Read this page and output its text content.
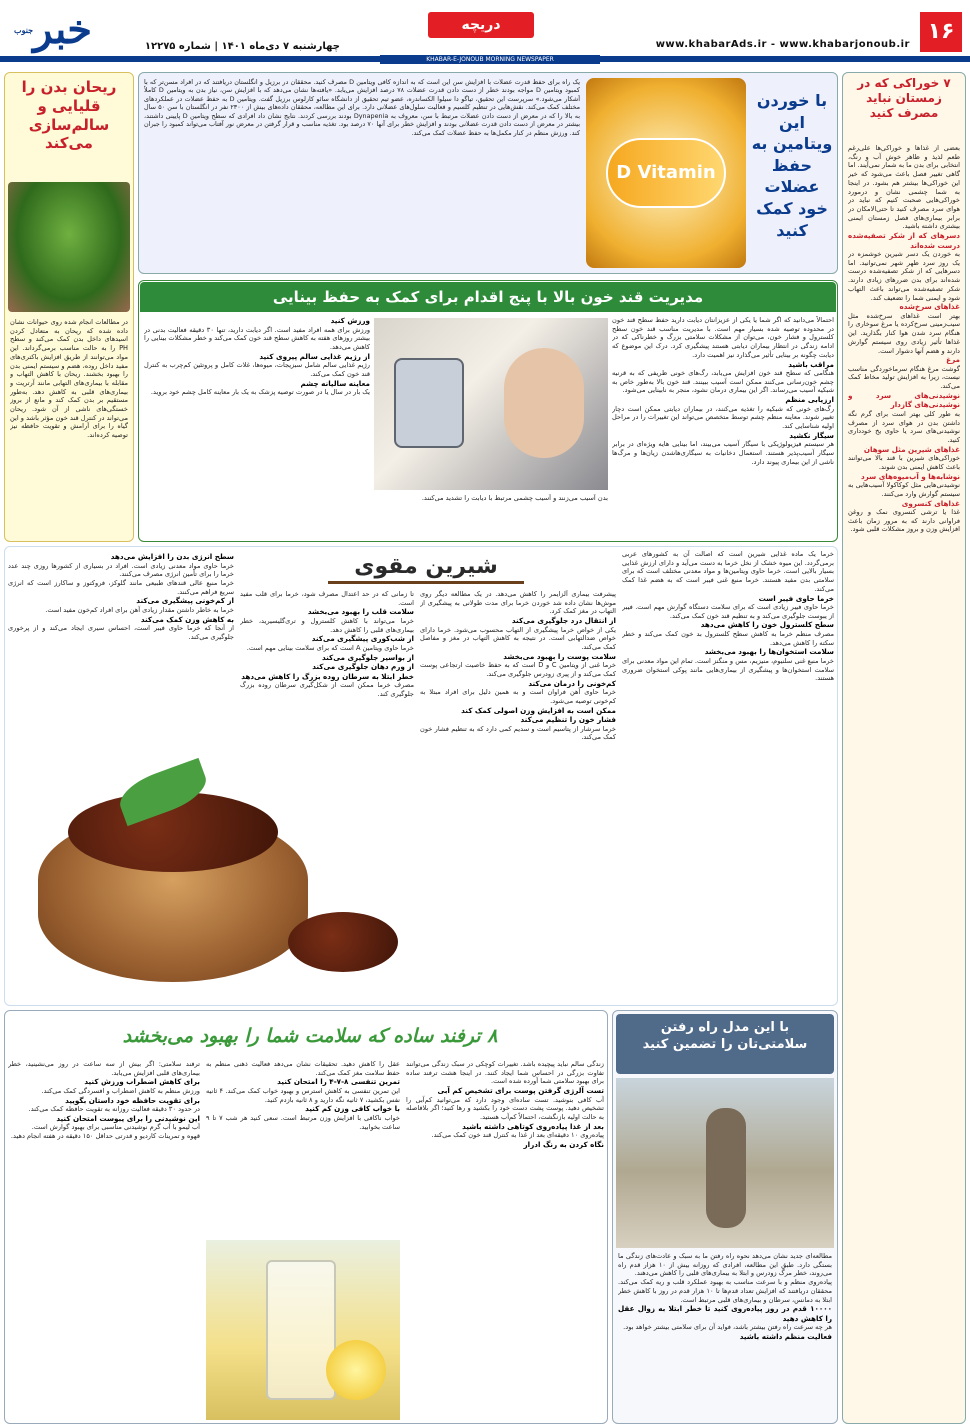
خبر$^{جنوب}$	دریچه
چهارشنبه ۷ دی‌ماه ۱۴۰۱ | شماره ۱۲۲۷۵	www.khabarAds.ir - www.khabarjonoub.ir
۱۶
KHABAR-E-JONOUB MORNING NEWSPAPER
۷ خوراکی که در زمستان نباید مصرف کنید

بعضی از غذاها و خوراکی‌ها علی‌رغم طعم لذیذ و ظاهر خوش آب و رنگ، انتخابی برای بدن ما به شمار نمی‌آیند. اما گاهی تغییر فصل باعث می‌شود که خیر این خوراکی‌ها بیشتر هم بشود. در اینجا به شما چشمی نشان و درمورد خوراکی‌هایی صحبت کنیم که نباید در هوای سرد مصرف کنید تا حتی‌الامکان در برابر بیماری‌های فصل زمستان ایمنی بیشتری داشته باشید.

دسرهای که از شکر تصفیه‌شده درست شده‌اند

به خوردن یک دسر شیرین خوشمزه در یک روز سرد ظهر شهر نمی‌توانید. اما دسرهایی که از شکر تصفیه‌شده درست شده‌اند برای بدن ضررهای زیادی دارند. شکر تصفیه‌شده می‌تواند باعث التهاب شود و ایمنی شما را تضعیف کند.

غذاهای سرخ‌شده

بهتر است غذاهای سرخ‌شده مثل سیب‌زمینی سرخ‌کرده یا مرغ سوخاری را هنگام سرد شدن هوا کنار بگذارید. این غذاها تأثیر زیادی روی سیستم گوارش دارند و هضم آنها دشوار است.

مرغ

گوشت مرغ هنگام سرماخوردگی مناسب نیست، زیرا به افزایش تولید مخاط کمک می‌کند.

نوشیدنی‌های سرد و نوشیدنی‌های گازدار

به طور کلی بهتر است برای گرم نگه داشتن بدن در هوای سرد از مصرف نوشیدنی‌های سرد یا حاوی یخ خودداری کنید.

غذاهای شیرین مثل سوهان

خوراکی‌های شیرین با قند بالا می‌توانند باعث کاهش ایمنی بدن شوند.

نوشابه‌ها و آب‌میوه‌های سرد

نوشیدنی‌هایی مثل کوکاکولا آسیب‌هایی به سیستم گوارش وارد می‌کنند.

غذاهای کنسروی

غذا یا ترشی کنسروی نمک و روغن فراوانی دارند که به مرور زمان باعث افزایش وزن و بروز مشکلات قلبی شود.

D Vitamin
با خوردن این ویتامین به حفظ عضلات خود کمک کنید
یک راه برای حفظ قدرت عضلات با افزایش سن این است که به اندازه کافی ویتامین D مصرف کنید. محققان در برزیل و انگلستان دریافتند که در افراد مسن‌تر که با کمبود ویتامین D مواجه بودند خطر از دست دادن قدرت عضلات ۷۸ درصد افزایش می‌یابد. «یافته‌ها نشان می‌دهد که با افزایش سن، نیاز بدن به ویتامین D کاملاً آشکار می‌شود.» سرپرست این تحقیق، تیاگو دا سیلوا الکساندره، عضو تیم تحقیق از دانشگاه سائو کارلوس برزیل گفت. ویتامین D به حفظ عضلات در عملکردهای مختلف کمک می‌کند. نقش‌هایی در تنظیم کلسیم و فعالیت سلول‌های عضلانی دارد. برای این مطالعه، محققان داده‌های بیش از ۲۳۰۰ نفر در انگلستان با سن ۵۰ سال به بالا را که در معرض از دست دادن عضلات مرتبط با سن، معروف به Dynapenia بودند بررسی کردند. نتایج نشان داد افرادی که سطح ویتامین D پایینی داشتند، بیشتر در معرض از دست دادن قدرت عضلانی بودند و افزایش خطر برای آنها ۷۰ درصد بود. تغذیه مناسب و قرار گرفتن در معرض نور آفتاب می‌تواند کمبود را جبران کند. ورزش منظم در کنار مکمل‌ها به حفظ عضلات کمک می‌کند.
ریحان بدن را قلیایی و سالم‌سازی می‌کند
در مطالعات انجام شده روی حیوانات نشان داده شده که ریحان به متعادل کردن اسیدهای داخل بدن کمک می‌کند و سطح PH را به حالت مناسب برمی‌گرداند. این مواد می‌توانند از طریق افزایش باکتری‌های مفید داخل روده، هضم و سیستم ایمنی بدن را بهبود بخشند. ریحان با کاهش التهاب و مقابله با بیماری‌های التهابی مانند آرتریت و بیماری‌های قلبی به کاهش دهد. به‌طور مستقیم بر بدن کمک کند و مانع از بروز خستگی‌های ناشی از آن شود. ریحان می‌تواند در کنترل قند خون مؤثر باشد و این گیاه را برای آرامش و تقویت حافظه نیز توصیه کرده‌اند.
مدیریت قند خون بالا با پنج اقدام برای کمک به حفظ بینایی

احتمالاً می‌دانید که اگر شما یا یکی از عزیزانتان دیابت دارید حفظ سطح قند خون در محدوده توصیه شده بسیار مهم است. با مدیریت مناسب قند خون سطح کلسترول و فشار خون، می‌توان از مشکلات سلامتی بزرگ و خطرناکی که در ادامه زندگی در انتظار بیماران دیابتی هستند پیشگیری کرد. درک این موضوع که دیابت چگونه بر بینایی تأثیر می‌گذارد نیز اهمیت دارد.

مراقب باشید

هنگامی که سطح قند خون افزایش می‌یابد، رگ‌های خونی ظریفی که به قرنیه چشم خون‌رسانی می‌کنند ممکن است آسیب ببینند. قند خون بالا به‌طور خاص به شبکیه آسیب می‌رساند. اگر این بیماری درمان نشود، منجر به نابینایی می‌شود.

ارزیابی منظم

رگ‌های خونی که شبکیه را تغذیه می‌کنند، در بیماران دیابتی ممکن است دچار تغییر شوند. معاینه منظم چشم توسط متخصص می‌تواند این تغییرات را در مراحل اولیه شناسایی کند.

سیگار نکشید

هر سیستم فیزیولوژیکی با سیگار آسیب می‌بیند، اما بینایی هایه ویژه‌ای در برابر سیگار آسیب‌پذیر هستند. استعمال دخانیات به سیگاری‌ها‌شدن زیان‌ها و مرگ‌ها ناشی از این بیماری پیوند دارد.

بدن آسیب می‌زنند و آسیب چشمی مرتبط با دیابت را تشدید می‌کنند.

ورزش کنید

ورزش برای همه افراد مفید است. اگر دیابت دارید، تنها ۳۰ دقیقه فعالیت بدنی در بیشتر روزهای هفته به کاهش سطح قند خون کمک می‌کند و خطر مشکلات بینایی را کاهش می‌دهد.

از رژیم غذایی سالم پیروی کنید

رژیم غذایی سالم شامل سبزیجات، میوه‌ها، غلات کامل و پروتئین کم‌چرب به کنترل قند خون کمک می‌کند.

معاینه سالیانه چشم

یک بار در سال یا در صورت توصیه پزشک به یک بار معاینه کامل چشم خود بروید.

شیرین مقوی	خرما یک ماده غذایی شیرین است که اصالت آن به کشورهای عربی برمی‌گردد. این میوه خشک از نخل خرما به دست می‌آید و دارای ارزش غذایی بسیار بالایی است. خرما حاوی ویتامین‌ها و مواد معدنی مختلف است که برای سلامتی بدن مفید هستند. خرما منبع غنی فیبر است که به هضم غذا کمک می‌کند.

خرما حاوی فیبر است

خرما حاوی فیبر زیادی است که برای سلامت دستگاه گوارش مهم است. فیبر از یبوست جلوگیری می‌کند و به تنظیم قند خون کمک می‌کند.

سطح کلسترول خون را کاهش می‌دهد

مصرف منظم خرما به کاهش سطح کلسترول بد خون کمک می‌کند و خطر سکته را کاهش می‌دهد.

سلامت استخوان‌ها را بهبود می‌بخشد

خرما منبع غنی سلنیوم، منیزیم، مس و منگنز است. تمام این مواد معدنی برای سلامت استخوان‌ها و پیشگیری از بیماری‌هایی مانند پوکی استخوان ضروری هستند.

پیشرفت بیماری آلزایمر را کاهش می‌دهد. در یک مطالعه دیگر روی موش‌ها نشان داده شد خوردن خرما برای مدت طولانی به پیشگیری از التهاب در مغز کمک کرد.

از انتقال درد جلوگیری می‌کند

یکی از خواص خرما پیشگیری از التهاب محسوب می‌شود. خرما دارای خواص ضدالتهابی است. در نتیجه به کاهش التهاب در مغز و مفاصل کمک می‌کند.

سلامت پوست را بهبود می‌بخشد

خرما غنی از ویتامین C و D است که به حفظ خاصیت ارتجاعی پوست کمک می‌کند و از پیری زودرس جلوگیری می‌کند.

کم‌خونی را درمان می‌کند

خرما حاوی آهن فراوان است و به همین دلیل برای افراد مبتلا به کم‌خونی توصیه می‌شود.

ممکن است به افزایش وزن اصولی کمک کند

فشار خون را تنظیم می‌کند

خرما سرشار از پتاسیم است و سدیم کمی دارد که به تنظیم فشار خون کمک می‌کند.

تا زمانی که در حد اعتدال مصرف شود، خرما برای قلب مفید است.

سلامت قلب را بهبود می‌بخشد

خرما می‌تواند با کاهش کلسترول و تری‌گلیسیرید، خطر بیماری‌های قلبی را کاهش دهد.

از شب‌کوری پیشگیری می‌کند

خرما حاوی ویتامین A است که برای سلامت بینایی مهم است.

از بواسیر جلوگیری می‌کند

از ورم دهان جلوگیری می‌کند

خطر ابتلا به سرطان روده بزرگ را کاهش می‌دهد

مصرف خرما ممکن است از شکل‌گیری سرطان روده بزرگ جلوگیری کند.

سطح انرژی بدن را افزایش می‌دهد

خرما حاوی مواد معدنی زیادی است. افراد در بسیاری از کشورها روزی چند عدد خرما را برای تأمین انرژی مصرف می‌کنند.

خرما منبع عالی قندهای طبیعی مانند گلوکز، فروکتوز و ساکارز است که انرژی سریع فراهم می‌کنند.

از کم‌خونی پیشگیری می‌کند

خرما به خاطر داشتن مقدار زیادی آهن برای افراد کم‌خون مفید است.

به کاهش وزن کمک می‌کند

از آنجا که خرما حاوی فیبر است، احساس سیری ایجاد می‌کند و از پرخوری جلوگیری می‌کند.

با این مدل راه رفتن
سلامتی‌تان را تضمین کنید

مطالعه‌ای جدید نشان می‌دهد نحوه راه رفتن ما به سبک و عادت‌های زندگی ما بستگی دارد. طبق این مطالعه، افرادی که روزانه بیش از ۱۰ هزار قدم راه می‌روند، خطر مرگ زودرس و ابتلا به بیماری‌های قلبی را کاهش می‌دهند.

پیاده‌روی منظم و با سرعت مناسب به بهبود عملکرد قلب و ریه کمک می‌کند. محققان دریافتند که افزایش تعداد قدم‌ها تا ۱۰ هزار قدم در روز با کاهش خطر ابتلا به دمانس، سرطان و بیماری‌های قلبی مرتبط است.

۱۰۰۰۰ قدم در روز پیاده‌روی کنید تا خطر ابتلا به زوال عقل را کاهش دهید

هر چه سرعت راه رفتن بیشتر باشد، فواید آن برای سلامتی بیشتر خواهد بود.

فعالیت منظم داشته باشید

۸ ترفند ساده که سلامت شما را بهبود می‌بخشد

زندگی سالم نباید پیچیده باشد. تغییرات کوچکی در سبک زندگی می‌توانند تفاوت بزرگی در احساس شما ایجاد کنند. در اینجا هشت ترفند ساده برای بهبود سلامتی شما آورده شده است.

تست آلرژی گرفتن پوست برای تشخیص کم آبی

آب کافی بنوشید. تست ساده‌ای وجود دارد که می‌توانید کم‌آبی را تشخیص دهید. پوست پشت دست خود را بکشید و رها کنید؛ اگر بلافاصله به حالت اولیه بازنگشت، احتمالاً کم‌آب هستید.

بعد از غذا پیاده‌روی کوتاهی داشته باشید

پیاده‌روی ۱۰ دقیقه‌ای بعد از غذا به کنترل قند خون کمک می‌کند.

نگاه کردن به رنگ ادرار

عقل را کاهش دهید. تحقیقات نشان می‌دهد فعالیت ذهنی منظم به حفظ سلامت مغز کمک می‌کند.

تمرین تنفسی ۸-۷-۴ را امتحان کنید

این تمرین تنفسی به کاهش استرس و بهبود خواب کمک می‌کند. ۴ ثانیه نفس بکشید، ۷ ثانیه نگه دارید و ۸ ثانیه بازدم کنید.

با خواب کافی وزن کم کنید

خواب ناکافی با افزایش وزن مرتبط است. سعی کنید هر شب ۷ تا ۹ ساعت بخوابید.

ترفند سلامتی: اگر بیش از سه ساعت در روز می‌نشینید، خطر بیماری‌های قلبی افزایش می‌یابد.

برای کاهش اضطراب ورزش کنید

ورزش منظم به کاهش اضطراب و افسردگی کمک می‌کند.

برای تقویت حافظه خود داستان بگویید

در حدود ۳۰ دقیقه فعالیت روزانه به تقویت حافظه کمک می‌کند.

این نوشیدنی را برای یبوست امتحان کنید

آب لیمو با آب گرم نوشیدنی مناسبی برای بهبود گوارش است.

قهوه و تمرینات کاردیو و قدرتی حداقل ۱۵۰ دقیقه در هفته انجام دهید.
